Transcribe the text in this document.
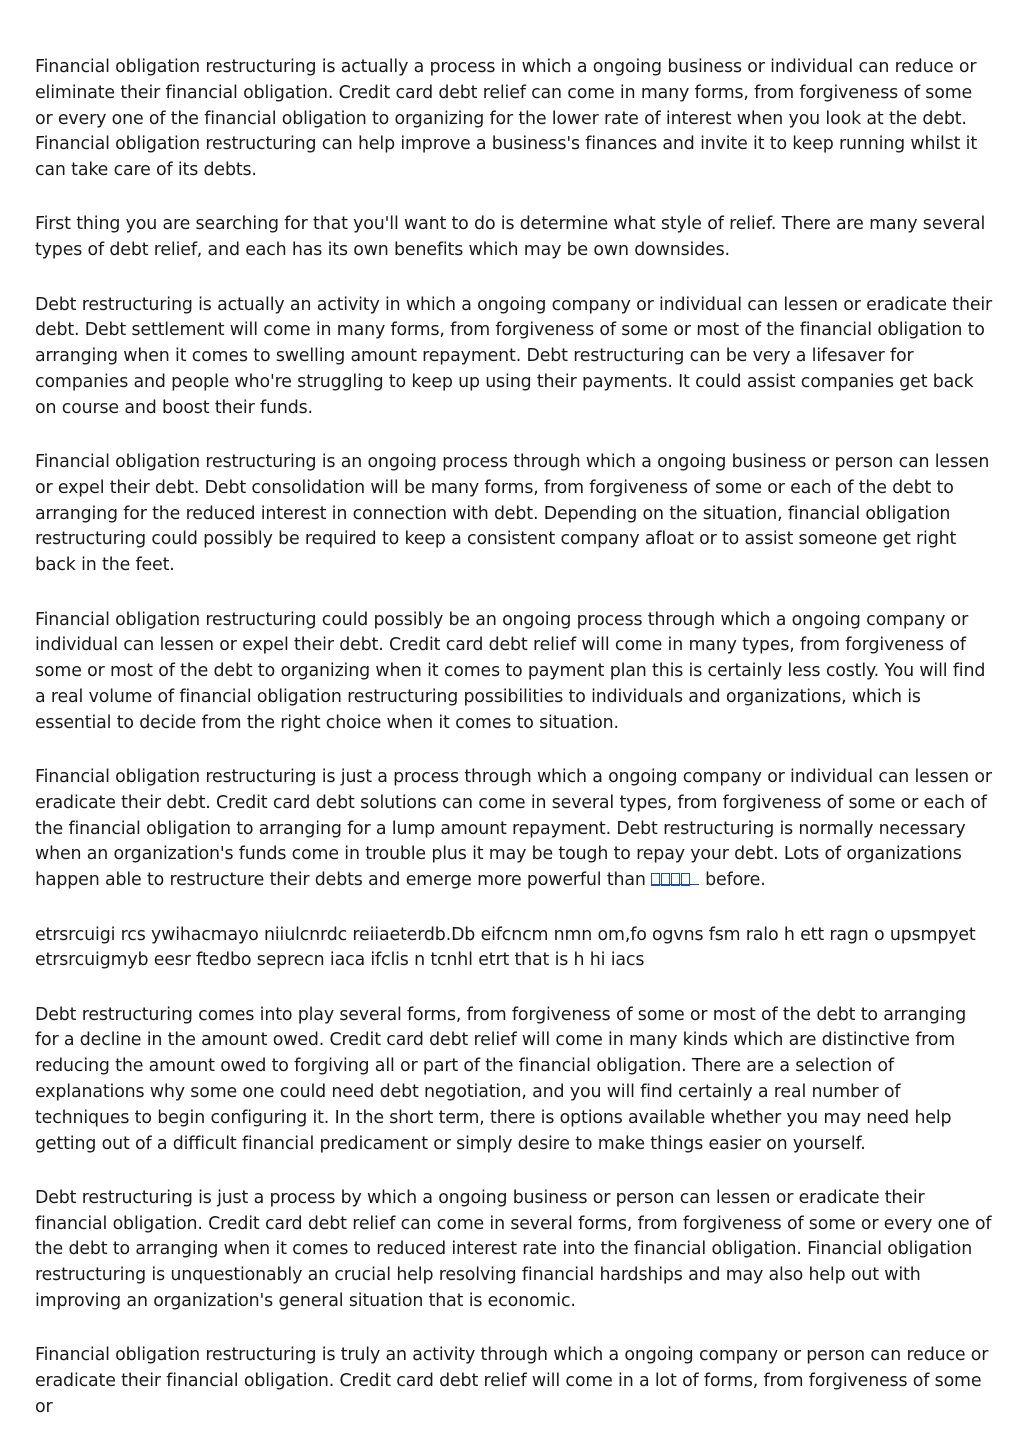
Financial obligation restructuring is actually a process in which a ongoing business or individual can reduce or eliminate their financial obligation. Credit card debt relief can come in many forms, from forgiveness of some or every one of the financial obligation to organizing for the lower rate of interest when you look at the debt. Financial obligation restructuring can help improve a business's finances and invite it to keep running whilst it can take care of its debts.

First thing you are searching for that you'll want to do is determine what style of relief. There are many several types of debt relief, and each has its own benefits which may be own downsides.

Debt restructuring is actually an activity in which a ongoing company or individual can lessen or eradicate their debt. Debt settlement will come in many forms, from forgiveness of some or most of the financial obligation to arranging when it comes to swelling amount repayment. Debt restructuring can be very a lifesaver for companies and people who're struggling to keep up using their payments. It could assist companies get back on course and boost their funds.

Financial obligation restructuring is an ongoing process through which a ongoing business or person can lessen or expel their debt. Debt consolidation will be many forms, from forgiveness of some or each of the debt to arranging for the reduced interest in connection with debt. Depending on the situation, financial obligation restructuring could possibly be required to keep a consistent company afloat or to assist someone get right back in the feet.

Financial obligation restructuring could possibly be an ongoing process through which a ongoing company or individual can lessen or expel their debt. Credit card debt relief will come in many types, from forgiveness of some or most of the debt to organizing when it comes to payment plan this is certainly less costly. You will find a real volume of financial obligation restructuring possibilities to individuals and organizations, which is essential to decide from the right choice when it comes to situation.

Financial obligation restructuring is just a process through which a ongoing company or individual can lessen or eradicate their debt. Credit card debt solutions can come in several types, from forgiveness of some or each of the financial obligation to arranging for a lump amount repayment. Debt restructuring is normally necessary when an organization's funds come in trouble plus it may be tough to repay your debt. Lots of organizations happen able to restructure their debts and emerge more powerful than	before.

etrsrcuigi rcs ywihacmayo niiulcnrdc reiiaeterdb.Db eifcncm nmn om,fo ogvns fsm ralo h ett ragn o upsmpyet etrsrcuigmyb eesr ftedbo seprecn iaca ifclis n tcnhl etrt that is h hi iacs

Debt restructuring comes into play several forms, from forgiveness of some or most of the debt to arranging for a decline in the amount owed. Credit card debt relief will come in many kinds which are distinctive from reducing the amount owed to forgiving all or part of the financial obligation. There are a selection of explanations why some one could need debt negotiation, and you will find certainly a real number of techniques to begin configuring it. In the short term, there is options available whether you may need help getting out of a difficult financial predicament or simply desire to make things easier on yourself.

Debt restructuring is just a process by which a ongoing business or person can lessen or eradicate their financial obligation. Credit card debt relief can come in several forms, from forgiveness of some or every one of the debt to arranging when it comes to reduced interest rate into the financial obligation. Financial obligation restructuring is unquestionably an crucial help resolving financial hardships and may also help out with improving an organization's general situation that is economic.

Financial obligation restructuring is truly an activity through which a ongoing company or person can reduce or eradicate their financial obligation. Credit card debt relief will come in a lot of forms, from forgiveness of some or
